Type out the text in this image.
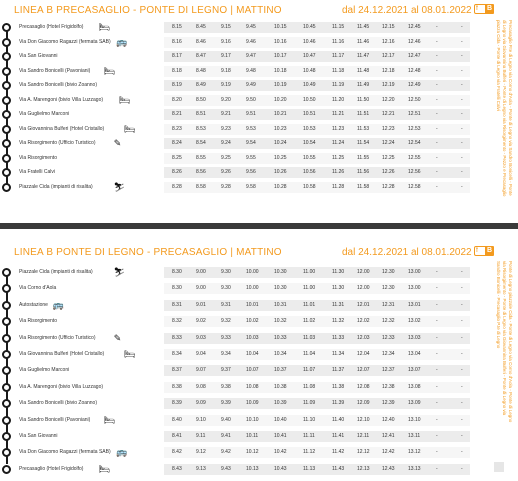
LINEA B PRECASAGLIO - PONTE DI LEGNO | MATTINO	dal 24.12.2021 al 08.01.2022 f B
Precasaglio (Hotel Frigidolfo) 🛏	8.15	8.45	9.15	9.45	10.15	10.45	11.15	11.45	12.15	12.45	-	-
Via Don Giacomo Ragazzi (fermata SAB) 🚌	8.16	8.46	9.16	9.46	10.16	10.46	11.16	11.46	12.16	12.46	-	-
Via San Giovanni	8.17	8.47	9.17	9.47	10.17	10.47	11.17	11.47	12.17	12.47	-	-
Via Sandro Bonicelli (Pavoniani) 🛏	8.18	8.48	9.18	9.48	10.18	10.48	11.18	11.48	12.18	12.48	-	-
Via Sandro Bonicelli (bivio Zoanno)	8.19	8.49	9.19	9.49	10.19	10.49	11.19	11.49	12.19	12.49	-	-
Via A. Marengoni (bivio Villa Luzzago) 🛏	8.20	8.50	9.20	9.50	10.20	10.50	11.20	11.50	12.20	12.50	-	-
Via Guglielmo Marconi	8.21	8.51	9.21	9.51	10.21	10.51	11.21	11.51	12.21	12.51	-	-
Via Giovannina Bulferi (Hotel Cristallo) 🛏	8.23	8.53	9.23	9.53	10.23	10.53	11.23	11.53	12.23	12.53	-	-
Via Risorgimento (Ufficio Turistico) ✎	8.24	8.54	9.24	9.54	10.24	10.54	11.24	11.54	12.24	12.54	-	-
Via Risorgimento	8.25	8.55	9.25	9.55	10.25	10.55	11.25	11.55	12.25	12.55	-	-
Via Fratelli Calvi	8.26	8.56	9.26	9.56	10.26	10.56	11.26	11.56	12.26	12.56	-	-
Piazzale Cida (impianti di risalita) ⛷	8.28	8.58	9.28	9.58	10.28	10.58	11.28	11.58	12.28	12.58	-	-	Precasaglio P.te di Legno via Corno d'Aola - Ponte di Legno via Sandro Bonicelli - Ponte di Legno via Giovannina Bulferi - Ponte di Legno via Risorgimento - Pezzo e Precasaglio piazza Cida - Ponte di Legno via Fratelli Calvi
LINEA B PONTE DI LEGNO - PRECASAGLIO | MATTINO	dal 24.12.2021 al 08.01.2022 f B
Piazzale Cida (impianti di risalita) ⛷	8.30	9.00	9.30	10.00	10.30	11.00	11.30	12.00 12.30	13.00	-	-
Via Corno d'Aola	8.30	9.00	9.30	10.00	10.30	11.00	11.30	12.00 12.30	13.00	-	-
Autostazione 🚌	8.31	9.01	9.31	10.01	10.31	11.01	11.31	12.01 12.31	13.01	-	-
Via Risorgimento	8.32	9.02	9.32	10.02	10.32	11.02	11.32	12.02 12.32	13.02	-	-
Via Risorgimento (Ufficio Turistico) ✎	8.33	9.03	9.33	10.03	10.33	11.03	11.33	12.03 12.33	13.03	-	-
Via Giovannina Bulferi (Hotel Cristallo) 🛏	8.34	9.04	9.34	10.04	10.34	11.04	11.34	12.04 12.34	13.04	-	-
Via Guglielmo Marconi	8.37	9.07	9.37	10.07	10.37	11.07	11.37	12.07 12.37	13.07	-	-
Via A. Marengoni (bivio Villa Luzzago)	8.38	9.08	9.38	10.08	10.38	11.08	11.38	12.08 12.38	13.08	-	-
Via Sandro Bonicelli (bivio Zoanno)	8.39	9.09	9.39	10.09	10.39	11.09	11.39	12.09 12.39	13.09	-	-
Via Sandro Bonicelli (Pavoniani) 🛏	8.40	9.10	9.40	10.10	10.40	11.10	11.40	12.10 12.40	13.10	-	-
Via San Giovanni	8.41	9.11	9.41	10.11	10.41	11.11	11.41	12.11	12.41	13.11	-	-
Via Don Giacomo Ragazzi (fermata SAB) 🚌	8.42	9.12	9.42	10.12	10.42	11.12	11.42	12.12 12.42	13.12	-	-
Precasaglio (Hotel Frigidolfo) 🛏	8.43	9.13	9.43	10.13	10.43	11.13	11.43	12.13 12.43	13.13	-	-
Ponte di Legno piazzale Cida - Ponte di Legno via Corno d'Aola - Ponte di Legno via Risorgimento - Ponte di Legno via Giovannina Bulferi - Ponte di Legno via Sandro Bonicelli - Precasaglio P.te di Legno
